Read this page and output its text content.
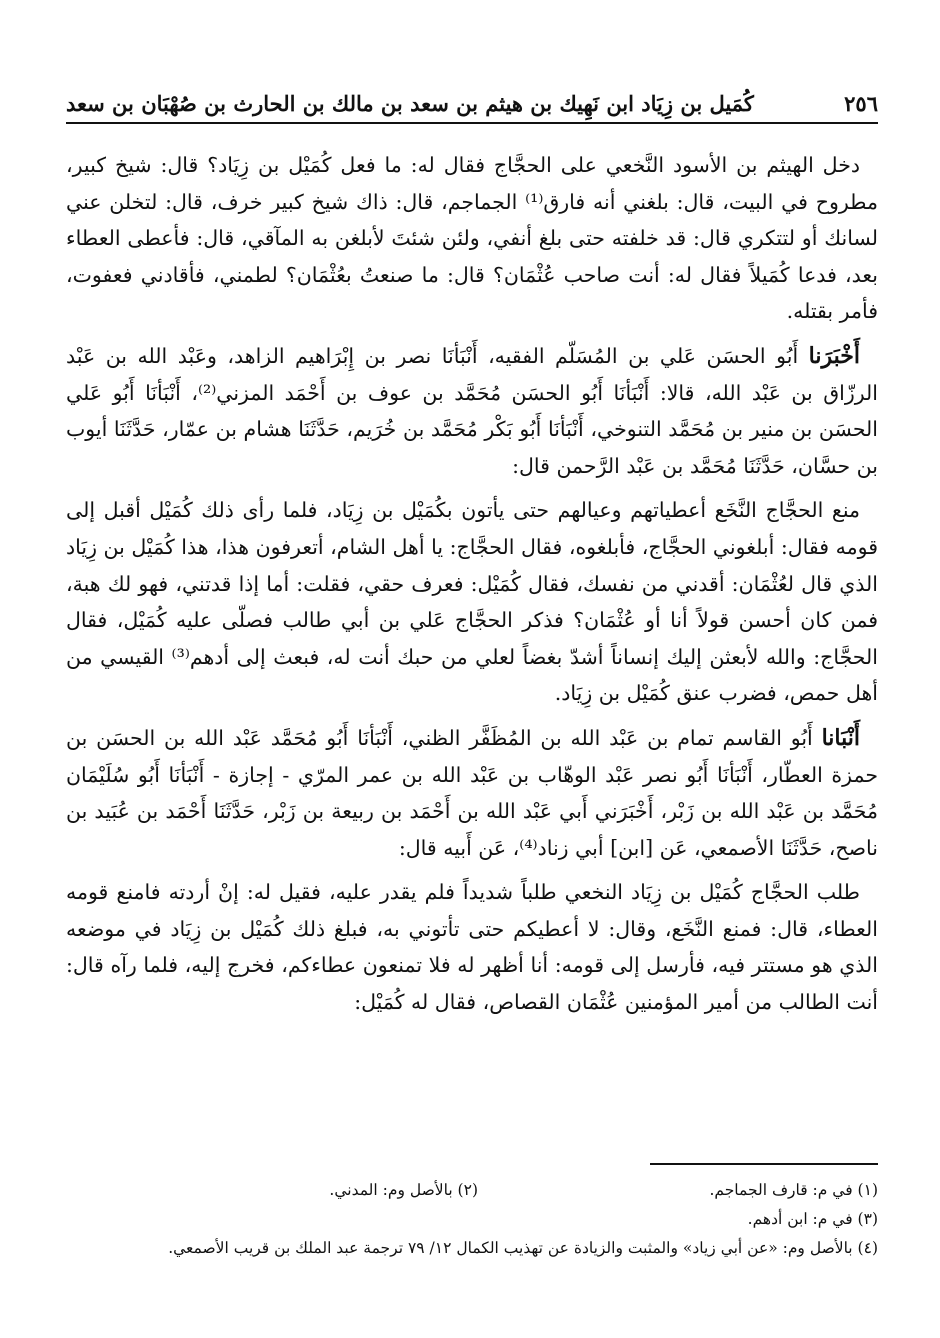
٢٥٦
كُمَيل بن زِيَاد ابن نَهِيك بن هيثم بن سعد بن مالك بن الحارث بن صُهْبَان بن سعد

دخل الهيثم بن الأسود النَّخعي على الحجَّاج فقال له: ما فعل كُمَيْل بن زِيَاد؟ قال: شيخ كبير، مطروح في البيت، قال: بلغني أنه فارق⁽¹⁾ الجماجم، قال: ذاك شيخ كبير خرف، قال: لتخلن عني لسانك أو لتتكري قال: قد خلفته حتى بلغ أنفي، ولئن شئتَ لأبلغن به المآقي، قال: فأعطى العطاء بعد، فدعا كُمَيلاً فقال له: أنت صاحب عُثْمَان؟ قال: ما صنعتُ بعُثْمَان؟ لطمني، فأقادني فعفوت، فأمر بقتله.

أَخْبَرَنا أَبُو الحسَن عَلي بن المُسَلّم الفقيه، أَنْبَأنَا نصر بن إِبْرَاهيم الزاهد، وعَبْد الله بن عَبْد الرزّاق بن عَبْد الله، قالا: أَنْبَأنَا أَبُو الحسَن مُحَمَّد بن عوف بن أَحْمَد المزني⁽²⁾، أَنْبَأنَا أَبُو عَلي الحسَن بن منير بن مُحَمَّد التنوخي، أَنْبَأنَا أَبُو بَكْر مُحَمَّد بن خُرَيم، حَدَّثَنَا هشام بن عمّار، حَدَّثَنَا أيوب بن حسَّان، حَدَّثَنَا مُحَمَّد بن عَبْد الرَّحمن قال:

منع الحجَّاج النَّخَع أعطياتهم وعيالهم حتى يأتون بكُمَيْل بن زِيَاد، فلما رأى ذلك كُمَيْل أقبل إلى قومه فقال: أبلغوني الحجَّاج، فأبلغوه، فقال الحجَّاج: يا أهل الشام، أتعرفون هذا، هذا كُمَيْل بن زِيَاد الذي قال لعُثْمَان: أقدني من نفسك، فقال كُمَيْل: فعرف حقي، فقلت: أما إذا قدتني، فهو لك هبة، فمن كان أحسن قولاً أنا أو عُثْمَان؟ فذكر الحجَّاج عَلي بن أبي طالب فصلّى عليه كُمَيْل، فقال الحجَّاج: والله لأبعثن إليك إنساناً أشدّ بغضاً لعلي من حبك أنت له، فبعث إلى أدهم⁽³⁾ القيسي من أهل حمص، فضرب عنق كُمَيْل بن زِيَاد.

أَنْبَانا أَبُو القاسم تمام بن عَبْد الله بن المُظَفَّر الظني، أَنْبَأنَا أَبُو مُحَمَّد عَبْد الله بن الحسَن بن حمزة العطّار، أَنْبَأنَا أَبُو نصر عَبْد الوهّاب بن عَبْد الله بن عمر المرّي - إجازة - أَنْبَأنَا أَبُو سُلَيْمَان مُحَمَّد بن عَبْد الله بن زَبْر، أَخْبَرَني أَبي عَبْد الله بن أَحْمَد بن ربيعة بن زَبْر، حَدَّثَنَا أَحْمَد بن عُبَيد بن ناصح، حَدَّثَنَا الأصمعي، عَن [ابن] أبي زناد⁽⁴⁾، عَن أَبيه قال:

طلب الحجَّاج كُمَيْل بن زِيَاد النخعي طلباً شديداً فلم يقدر عليه، فقيل له: إنْ أردته فامنع قومه العطاء، قال: فمنع النَّخَع، وقال: لا أعطيكم حتى تأتوني به، فبلغ ذلك كُمَيْل بن زِيَاد في موضعه الذي هو مستتر فيه، فأرسل إلى قومه: أنا أظهر له فلا تمنعون عطاءكم، فخرج إليه، فلما رآه قال: أنت الطالب من أمير المؤمنين عُثْمَان القصاص، فقال له كُمَيْل:

(١) في م: قارف الجماجم.
(٢) بالأصل وم: المدني.
(٣) في م: ابن أدهم.
(٤) بالأصل وم: «عن أبي زياد» والمثبت والزيادة عن تهذيب الكمال ١٢/ ٧٩ ترجمة عبد الملك بن قريب الأصمعي.
